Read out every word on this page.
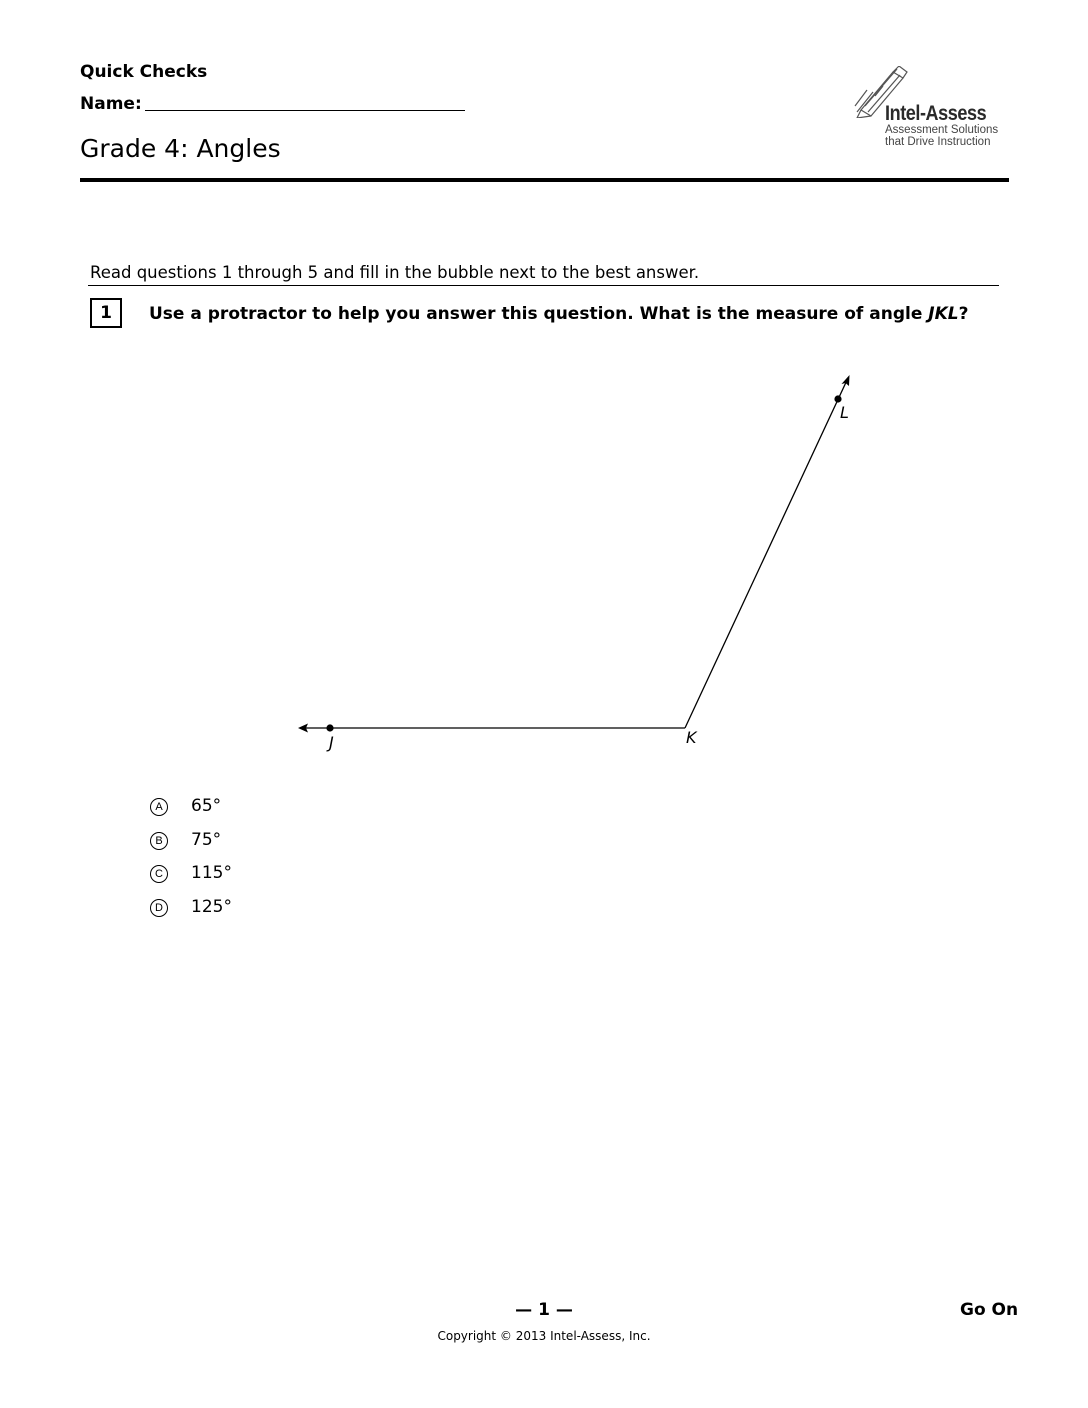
Quick Checks
Name:
Grade 4: Angles
Intel-Assess
Assessment Solutions
that Drive Instruction
Read questions 1 through 5 and fill in the bubble next to the best answer.
1	Use a protractor to help you answer this question. What is the measure of angle JKL?
J	K
L
A	65°
B	75°
C 115°
D 125°
— 1 —	Go On
Copyright © 2013 Intel-Assess, Inc.
